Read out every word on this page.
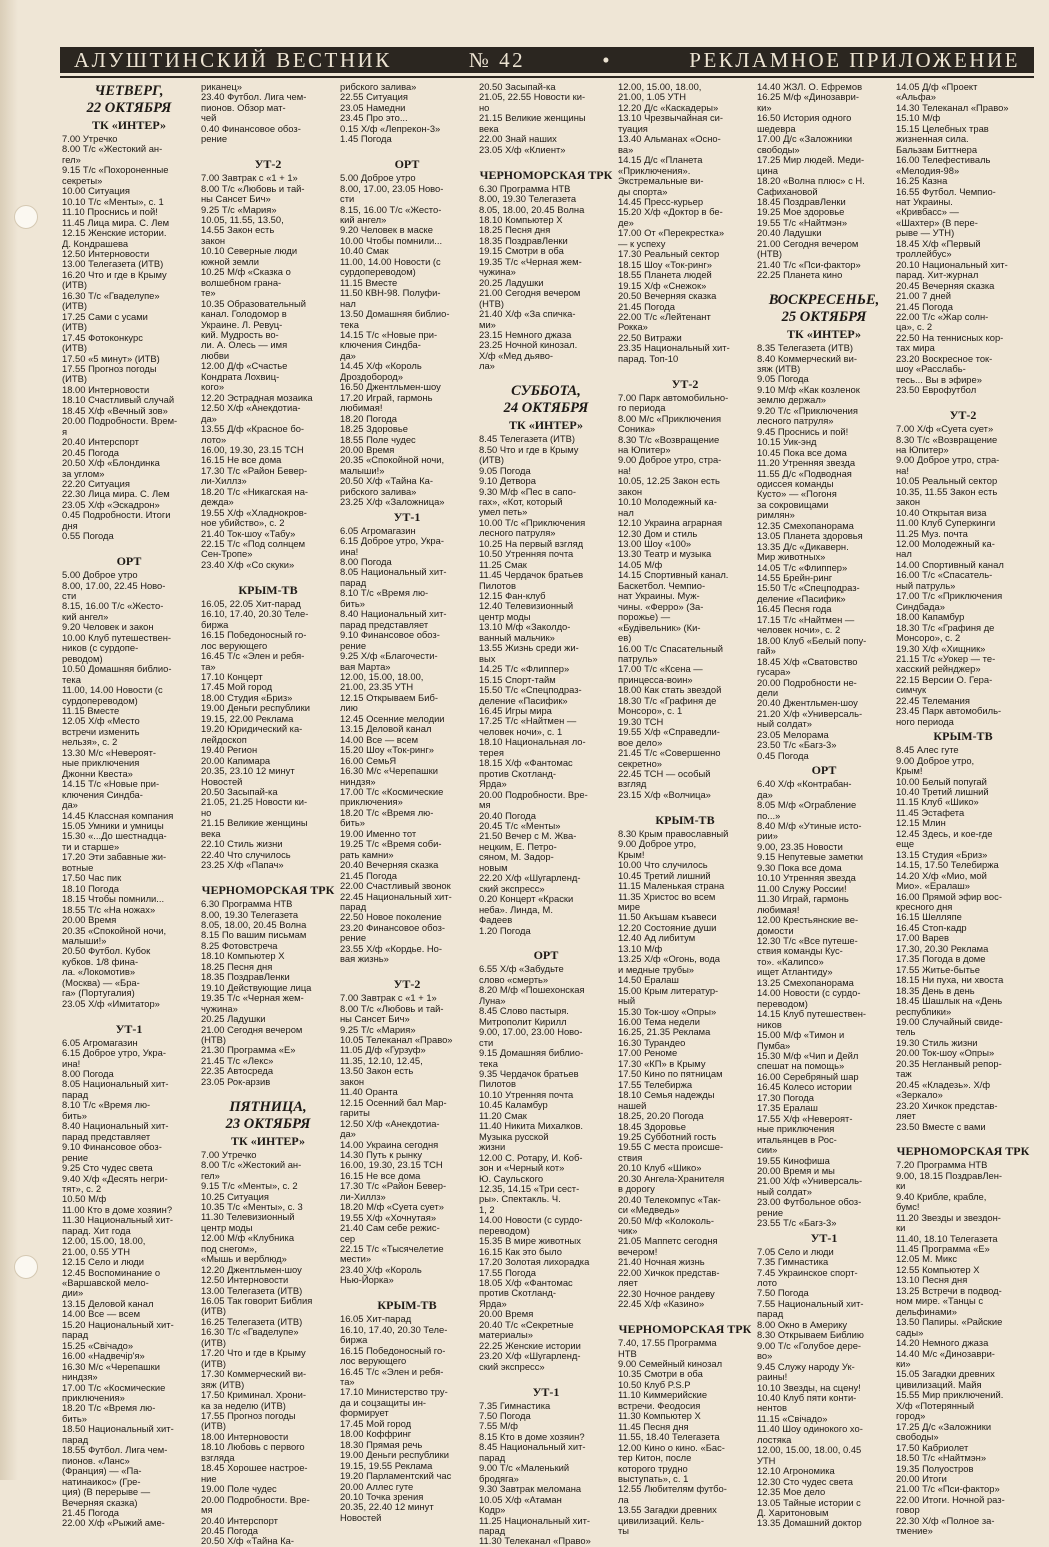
АЛУШТИНСКИЙ ВЕСТНИК	№ 42	•	РЕКЛАМНОЕ ПРИЛОЖЕНИЕ
ЧЕТВЕРГ,
22 ОКТЯБРЯ
ТК «ИНТЕР»
7.00 Утречко
8.00 Т/с «Жестокий ан-
гел»
9.15 Т/с «Похороненные
секреты»
10.00 Ситуация
10.10 Т/с «Менты», с. 1
11.10 Проснись и пой!
11.45 Лица мира. С. Лем
12.15 Женские истории.
Д. Кондрашева
12.50 Интерновости
13.00 Телегазета (ИТВ)
16.20 Что и где в Крыму
(ИТВ)
16.30 Т/с «Гваделупе»
(ИТВ)
17.25 Сами с усами
(ИТВ)
17.45 Фотоконкурс
(ИТВ)
17.50 «5 минут» (ИТВ)
17.55 Прогноз погоды
(ИТВ)
18.00 Интерновости
18.10 Счастливый случай
18.45 Х/ф «Вечный зов»
20.00 Подробности. Врем-
я
20.40 Интерспорт
20.45 Погода
20.50 Х/ф «Блондинка
за углом»
22.20 Ситуация
22.30 Лица мира. С. Лем
23.05 Х/ф «Эскадрон»
0.45 Подробности. Итоги
дня
0.55 Погода

ОРТ
5.00 Доброе утро
8.00, 17.00, 22.45 Ново-
сти
8.15, 16.00 Т/с «Жесто-
кий ангел»
9.20 Человек и закон
10.00 Клуб путешествен-
ников (с сурдопе-
реводом)
10.50 Домашняя библио-
тека
11.00, 14.00 Новости (с
сурдопереводом)
11.15 Вместе
12.05 Х/ф «Место
встречи изменить
нельзя», с. 2
13.30 М/с «Невероят-
ные приключения
Джонни Квеста»
14.15 Т/с «Новые при-
ключения Синдба-
да»
14.45 Классная компания
15.05 Умники и умницы
15.30 «...До шестнадца-
ти и старше»
17.20 Эти забавные жи-
вотные
17.50 Час пик
18.10 Погода
18.15 Чтобы помнили...
18.55 Т/с «На ножах»
20.00 Время
20.35 «Спокойной ночи,
малыши!»
20.50 Футбол. Кубок
кубков. 1/8 фина-
ла. «Локомотив»
(Москва) — «Бра-
га» (Португалия)
23.05 Х/ф «Имитатор»

УТ-1
6.05 Агромагазин
6.15 Доброе утро, Укра-
ина!
8.00 Погода
8.05 Национальный хит-
парад
8.10 Т/с «Время лю-
бить»
8.40 Национальный хит-
парад представляет
9.10 Финансовое обоз-
рение
9.25 Сто чудес света
9.40 Х/ф «Десять негри-
тят», с. 2
10.50 М/ф
11.00 Кто в доме хозяин?
11.30 Национальный хит-
парад. Хит года
12.00, 15.00, 18.00,
21.00, 0.55 УТН
12.15 Село и люди
12.45 Воспоминание о
«Варшавской мело-
дии»
13.15 Деловой канал
14.00 Все — всем
15.20 Национальный хит-
парад
15.25 «Свічадо»
16.00 «Надвечір'я»
16.30 М/с «Черепашки
ниндзя»
17.00 Т/с «Космические
приключения»
18.20 Т/с «Время лю-
бить»
18.50 Национальный хит-
парад
18.55 Футбол. Лига чем-
пионов. «Ланс»
(Франция) — «Па-
натинаикос» (Гре-
ция) (В перерыве —
Вечерняя сказка)
21.45 Погода
22.00 Х/ф «Рыжий аме-
риканец»
23.40 Футбол. Лига чем-
пионов. Обзор мат-
чей
0.40 Финансовое обоз-
рение

УТ-2
7.00 Завтрак с «1 + 1»
8.00 Т/с «Любовь и тай-
ны Сансет Бич»
9.25 Т/с «Мария»
10.05, 11.55, 13.50,
14.55 Закон есть
закон
10.10 Северные люди
южной земли
10.25 М/ф «Сказка о
волшебном грана-
те»
10.35 Образовательный
канал. Голодомор в
Украине. Л. Ревуц-
кий. Мудрость во-
ли. А. Олесь — имя
любви
12.00 Д/ф «Счастье
Кондрата Лохвиц-
кого»
12.20 Эстрадная мозаика
12.50 Х/ф «Анекдотиа-
да»
13.55 Д/ф «Красное бо-
лото»
16.00, 19.30, 23.15 ТСН
16.15 Не все дома
17.30 Т/с «Район Бевер-
ли-Хиллз»
18.20 Т/с «Никагская на-
дежда»
19.55 Х/ф «Хладнокров-
ное убийство», с. 2
21.40 Ток-шоу «Табу»
22.15 Т/с «Под солнцем
Сен-Тропе»
23.40 Х/ф «Со скуки»

КРЫМ-ТВ
16.05, 22.05 Хит-парад
16.10, 17.40, 20.30 Теле-
биржа
16.15 Победоносный го-
лос верующего
16.45 Т/с «Элен и ребя-
та»
17.10 Концерт
17.45 Мой город
18.00 Студия «Бриз»
19.00 Деньги республики
19.15, 22.00 Реклама
19.20 Юридический ка-
лейдоскоп
19.40 Регион
20.00 Капимара
20.35, 23.10 12 минут
Новостей
20.50 Засыпай-ка
21.05, 21.25 Новости ки-
но
21.15 Великие женщины
века
22.10 Стиль жизни
22.40 Что случилось
23.25 Х/ф «Папач»

ЧЕРНОМОРСКАЯ ТРК
6.30 Программа НТВ
8.00, 19.30 Телегазета
8.05, 18.00, 20.45 Волна
8.15 По вашим письмам
8.25 Фотовстреча
18.10 Компьютер Х
18.25 Песня дня
18.35 ПоздравЛенки
19.10 Действующие лица
19.35 Т/с «Черная жем-
чужина»
20.25 Ладушки
21.00 Сегодня вечером
(НТВ)
21.30 Программа «Е»
21.45 Т/с «Лекс»
22.35 Автосреда
23.05 Рок-арзив

ПЯТНИЦА,
23 ОКТЯБРЯ
ТК «ИНТЕР»
7.00 Утречко
8.00 Т/с «Жестокий ан-
гел»
9.15 Т/с «Менты», с. 2
10.25 Ситуация
10.35 Т/с «Менты», с. 3
11.30 Телевизионный
центр моды
12.00 М/ф «Клубника
под снегом»,
«Мышь и верблюд»
12.20 Джентльмен-шоу
12.50 Интерновости
13.00 Телегазета (ИТВ)
16.05 Так говорит Библия
(ИТВ)
16.25 Телегазета (ИТВ)
16.30 Т/с «Гваделупе»
(ИТВ)
17.20 Что и где в Крыму
(ИТВ)
17.30 Коммерческий ви-
зяж (ИТВ)
17.50 Криминал. Хрони-
ка за неделю (ИТВ)
17.55 Прогноз погоды
(ИТВ)
18.00 Интерновости
18.10 Любовь с первого
взгляда
18.45 Хорошее настрое-
ние
19.00 Поле чудес
20.00 Подробности. Вре-
мя
20.40 Интерспорт
20.45 Погода
20.50 Х/ф «Тайна Ка-
рибского залива»
22.55 Ситуация
23.05 Намедни
23.45 Про это...
0.15 Х/ф «Лепрекон-3»
1.45 Погода

ОРТ
5.00 Доброе утро
8.00, 17.00, 23.05 Ново-
сти
8.15, 16.00 Т/с «Жесто-
кий ангел»
9.20 Человек в маске
10.00 Чтобы помнили...
10.40 Смак
11.00, 14.00 Новости (с
сурдопереводом)
11.15 Вместе
11.50 КВН-98. Полуфи-
нал
13.50 Домашняя библио-
тека
14.15 Т/с «Новые при-
ключения Синдба-
да»
14.45 Х/ф «Король
Дроздобород»
16.50 Джентльмен-шоу
17.20 Играй, гармонь
любимая!
18.20 Погода
18.25 Здоровье
18.55 Поле чудес
20.00 Время
20.35 «Спокойной ночи,
малыши!»
20.50 Х/ф «Тайна Ка-
рибского залива»
23.25 Х/ф «Заложница»
УТ-1
6.05 Агромагазин
6.15 Доброе утро, Укра-
ина!
8.00 Погода
8.05 Национальный хит-
парад
8.10 Т/с «Время лю-
бить»
8.40 Национальный хит-
парад представляет
9.10 Финансовое обоз-
рение
9.25 Х/ф «Благочести-
вая Марта»
12.00, 15.00, 18.00,
21.00, 23.35 УТН
12.15 Открываем Биб-
лию
12.45 Осенние мелодии
13.15 Деловой канал
14.00 Все — всем
15.20 Шоу «Ток-ринг»
16.00 СемьЯ
16.30 М/с «Черепашки
ниндзя»
17.00 Т/с «Космические
приключения»
18.20 Т/с «Время лю-
бить»
19.00 Именно тот
19.25 Т/с «Время соби-
рать камни»
20.40 Вечерняя сказка
21.45 Погода
22.00 Счастливый звонок
22.45 Национальный хит-
парад
22.50 Новое поколение
23.20 Финансовое обоз-
рение
23.55 Х/ф «Кордье. Но-
вая жизнь»

УТ-2
7.00 Завтрак с «1 + 1»
8.00 Т/с «Любовь и тай-
ны Сансет Бич»
9.25 Т/с «Мария»
10.05 Телеканал «Право»
11.05 Д/ф «Гурзуф»
11.35, 12.10, 12.45,
13.50 Закон есть
закон
11.40 Оранта
12.15 Осенний бал Мар-
гариты
12.50 Х/ф «Анекдотиа-
да»
14.00 Украина сегодня
14.30 Путь к рынку
16.00, 19.30, 23.15 ТСН
16.15 Не все дома
17.30 Т/с «Район Бевер-
ли-Хиллз»
18.20 М/ф «Суета сует»
19.55 Х/ф «Хочнутая»
21.40 Сам себе режис-
сер
22.15 Т/с «Тысячелетие
мести»
23.40 Х/ф «Король
Нью-Йорка»

КРЫМ-ТВ
16.05 Хит-парад
16.10, 17.40, 20.30 Теле-
биржа
16.15 Победоносный го-
лос верующего
16.45 Т/с «Элен и ребя-
та»
17.10 Министерство тру-
да и соцзащиты ин-
формирует
17.45 Мой город
18.00 Коффринг
18.30 Прямая речь
19.00 Деньги республики
19.15, 19.55 Реклама
19.20 Парламентский час
20.00 Аллес гуте
20.10 Точка зрения
20.35, 22.40 12 минут
Новостей
20.50 Засыпай-ка
21.05, 22.55 Новости ки-
но
21.15 Великие женщины
века
22.00 Знай наших
23.05 Х/ф «Клиент»

ЧЕРНОМОРСКАЯ ТРК
6.30 Программа НТВ
8.00, 19.30 Телегазета
8.05, 18.00, 20.45 Волна
18.10 Компьютер Х
18.25 Песня дня
18.35 ПоздравЛенки
19.15 Смотри в оба
19.35 Т/с «Черная жем-
чужина»
20.25 Ладушки
21.00 Сегодня вечером
(НТВ)
21.40 Х/ф «За спичка-
ми»
23.15 Немного джаза
23.25 Ночной кинозал.
Х/ф «Мед дьяво-
ла»

СУББОТА,
24 ОКТЯБРЯ
ТК «ИНТЕР»
8.45 Телегазета (ИТВ)
8.50 Что и где в Крыму
(ИТВ)
9.05 Погода
9.10 Детвора
9.30 М/ф «Пес в сапо-
гах», «Кот, который
умел петь»
10.00 Т/с «Приключения
лесного патруля»
10.25 На первый взгляд
10.50 Утренняя почта
11.25 Смак
11.45 Чердачок братьев
Пилотов
12.15 Фан-клуб
12.40 Телевизионный
центр моды
13.10 М/ф «Заколдо-
ванный мальчик»
13.55 Жизнь среди жи-
вых
14.25 Т/с «Флиппер»
15.15 Спорт-тайм
15.50 Т/с «Спецподраз-
деление «Пасифик»
16.45 Игры мира
17.25 Т/с «Найтмен —
человек ночи», с. 1
18.10 Национальная ло-
терея
18.15 Х/ф «Фантомас
против Скотланд-
Ярда»
20.00 Подробности. Вре-
мя
20.40 Погода
20.45 Т/с «Менты»
21.50 Вечер с М. Жва-
нецким, Е. Петро-
сяном, М. Задор-
новым
22.20 Х/ф «Шугарленд-
ский экспресс»
0.20 Концерт «Краски
неба». Линда, М.
Фадеев
1.20 Погода

ОРТ
6.55 Х/ф «Забудьте
слово «смерть»
8.20 М/ф «Пошехонская
Луна»
8.45 Слово пастыря.
Митрополит Кирилл
9.00, 17.00, 23.00 Ново-
сти
9.15 Домашняя библио-
тека
9.35 Чердачок братьев
Пилотов
10.10 Утренняя почта
10.45 Каламбур
11.20 Смак
11.40 Никита Михалков.
Музыка русской
жизни
12.00 С. Ротару, И. Коб-
зон и «Черный кот»
Ю. Саульского
12.35, 14.15 «Три сест-
ры». Спектакль. Ч.
1, 2
14.00 Новости (с сурдо-
переводом)
15.35 В мире животных
16.15 Как это было
17.20 Золотая лихорадка
17.55 Погода
18.05 Х/ф «Фантомас
против Скотланд-
Ярда»
20.00 Время
20.40 Т/с «Секретные
материалы»
22.25 Женские истории
23.20 Х/ф «Шугарленд-
ский экспресс»

УТ-1
7.35 Гимнастика
7.50 Погода
7.55 М/ф
8.15 Кто в доме хозяин?
8.45 Национальный хит-
парад
9.00 Т/с «Маленький
бродяга»
9.30 Завтрак меломана
10.05 Х/ф «Атаман
Кодр»
11.25 Национальный хит-
парад
11.30 Телеканал «Право»
12.00, 15.00, 18.00,
21.00, 1.05 УТН
12.20 Д/с «Каскадеры»
13.10 Чрезвычайная си-
туация
13.40 Альманах «Осно-
ва»
14.15 Д/с «Планета
«Приключения».
Экстремальные ви-
ды спорта»
14.45 Пресс-курьер
15.20 Х/ф «Доктор в бе-
де»
17.00 От «Перекрестка»
— к успеху
17.30 Реальный сектор
18.15 Шоу «Ток-ринг»
18.55 Планета людей
19.15 Х/ф «Снежок»
20.50 Вечерняя сказка
21.45 Погода
22.00 Т/с «Лейтенант
Рокка»
22.50 Витражи
23.35 Национальный хит-
парад. Топ-10

УТ-2
7.00 Парк автомобильно-
го периода
8.00 М/с «Приключения
Соника»
8.30 Т/с «Возвращение
на Юпитер»
9.00 Доброе утро, стра-
на!
10.05, 12.25 Закон есть
закон
10.10 Молодежный ка-
нал
12.10 Украина аграрная
12.30 Дом и стиль
13.00 Шоу «100»
13.30 Театр и музыка
14.05 М/ф
14.15 Спортивный канал.
Баскетбол. Чемпио-
нат Украины. Муж-
чины. «Ферро» (За-
порожье) —
«Будівельник» (Ки-
ев)
16.00 Т/с Спасательный
патруль»
17.00 Т/с «Ксена —
принцесса-воин»
18.00 Как стать звездой
18.30 Т/с «Графиня де
Монсоро», с. 1
19.30 ТСН
19.55 Х/ф «Справедли-
вое дело»
21.45 Т/с «Совершенно
секретно»
22.45 ТСН — особый
взгляд
23.15 Х/ф «Волчица»

КРЫМ-ТВ
8.30 Крым православный
9.00 Доброе утро,
Крым!
10.00 Что случилось
10.45 Третий лишний
11.15 Маленькая страна
11.35 Христос во всем
мире
11.50 Акъшам къавеси
12.20 Состояние души
12.40 Ад либитум
13.10 М/ф
13.25 Х/ф «Огонь, вода
и медные трубы»
14.50 Ералаш
15.00 Крым литератур-
ный
15.30 Ток-шоу «Опры»
16.00 Тема недели
16.25, 21.35 Реклама
16.30 Турандео
17.00 Реноме
17.30 «КП» в Крыму
17.50 Кино по пятницам
17.55 Телебиржа
18.10 Семья надежды
нашей
18.25, 20.20 Погода
18.45 Здоровье
19.25 Субботний гость
19.55 С места происше-
ствия
20.10 Клуб «Шико»
20.30 Ангела-Хранителя
в дорогу
20.40 Телекомпус «Так-
си «Медведь»
20.50 М/ф «Колоколь-
чик»
21.05 Маппетс сегодня
вечером!
21.40 Ночная жизнь
22.00 Хичкок представ-
ляет
22.30 Ночное рандеву
22.45 Х/ф «Казино»

ЧЕРНОМОРСКАЯ ТРК
7.40, 17.55 Программа
НТВ
9.00 Семейный кинозал
10.35 Смотри в оба
10.50 Клуб P.S.P
11.10 Киммерийские
встречи. Феодосия
11.30 Компьютер Х
11.45 Песня дня
11.55, 18.40 Телегазета
12.00 Кино о кино. «Бас-
тер Китон, после
которого трудно
выступать», с. 1
12.55 Любителям футбо-
ла
13.55 Загадки древних
цивилизаций. Кель-
ты
14.40 ЖЗЛ. О. Ефремов
16.25 М/ф «Динозаври-
ки»
16.50 История одного
шедевра
17.00 Д/с «Заложники
свободы»
17.25 Мир людей. Меди-
цина
18.20 «Волна плюс» с Н.
Сафихановой
18.45 ПоздравЛенки
19.25 Мое здоровье
19.55 Т/с «Найтмэн»
20.40 Ладушки
21.00 Сегодня вечером
(НТВ)
21.40 Т/с «Пси-фактор»
22.25 Планета кино

ВОСКРЕСЕНЬЕ,
25 ОКТЯБРЯ
ТК «ИНТЕР»
8.35 Телегазета (ИТВ)
8.40 Коммерческий ви-
зяж (ИТВ)
9.05 Погода
9.10 М/ф «Как козленок
землю держал»
9.20 Т/с «Приключения
лесного патруля»
9.45 Проснись и пой!
10.15 Уик-энд
10.45 Пока все дома
11.20 Утренняя звезда
11.55 Д/с «Подводная
одиссея команды
Кусто» — «Погоня
за сокровищами
римлян»
12.35 Смехопанорама
13.05 Планета здоровья
13.35 Д/с «Дикаверн.
Мир животных»
14.05 Т/с «Флиппер»
14.55 Брейн-ринг
15.50 Т/с «Спецподраз-
деление «Пасифик»
16.45 Песня года
17.15 Т/с «Найтмен —
человек ночи», с. 2
18.00 Клуб «Белый попу-
гай»
18.45 Х/ф «Сватовство
гусара»
20.00 Подробности не-
дели
20.40 Джентльмен-шоу
21.20 Х/ф «Универсаль-
ный солдат»
23.05 Мелорама
23.50 Т/с «Багз-3»
0.45 Погода
ОРТ
6.40 Х/ф «Контрабан-
да»
8.05 М/ф «Ограбление
по...»
8.40 М/ф «Утиные исто-
рии»
9.00, 23.35 Новости
9.15 Непутевые заметки
9.30 Пока все дома
10.10 Утренняя звезда
11.00 Служу России!
11.30 Играй, гармонь
любимая!
12.00 Крестьянские ве-
домости
12.30 Т/с «Все путеше-
ствия команды Кус-
то». «Калипсо»
ищет Атлантиду»
13.25 Смехопанорама
14.00 Новости (с сурдо-
переводом)
14.15 Клуб путешествен-
ников
15.00 М/ф «Тимон и
Пумба»
15.30 М/ф «Чип и Дейл
спешат на помощь»
16.00 Серебряный шар
16.45 Колесо истории
17.30 Погода
17.35 Ералаш
17.55 Х/ф «Невероят-
ные приключения
итальянцев в Рос-
сии»
19.55 Кинофиша
20.00 Время и мы
21.00 Х/ф «Универсаль-
ный солдат»
23.00 Футбольное обоз-
рение
23.55 Т/с «Багз-3»
УТ-1
7.05 Село и люди
7.35 Гимнастика
7.45 Украинское спорт-
лото
7.50 Погода
7.55 Национальный хит-
парад
8.00 Окно в Америку
8.30 Открываем Библию
9.00 Т/с «Голубое дере-
во»
9.45 Служу народу Ук-
раины!
10.10 Звезды, на сцену!
10.40 Клуб пяти конти-
нентов
11.15 «Свічадо»
11.40 Шоу одинокого хо-
лостяка
12.00, 15.00, 18.00, 0.45
УТН
12.10 Агрономика
12.30 Сто чудес света
12.35 Мое дело
13.05 Тайные истории с
Д. Харитоновым
13.35 Домашний доктор
14.05 Д/ф «Проект
«Альфа»
14.30 Телеканал «Право»
15.10 М/ф
15.15 Целебных трав
жизненная сила.
Бальзам Биттнера
16.00 Телефестиваль
«Мелодия-98»
16.25 Казна
16.55 Футбол. Чемпио-
нат Украины.
«Кривбасс» —
«Шахтер» (В пере-
рыве — УТН)
18.45 Х/ф «Первый
троллейбус»
20.10 Национальный хит-
парад. Хит-журнал
20.45 Вечерняя сказка
21.00 7 дней
21.45 Погода
22.00 Т/с «Жар солн-
ца», с. 2
22.50 На теннисных кор-
тах мира
23.20 Воскресное ток-
шоу «Расслабь-
тесь... Вы в эфире»
23.50 Еврофутбол

УТ-2
7.00 Х/ф «Суета сует»
8.30 Т/с «Возвращение
на Юпитер»
9.00 Доброе утро, стра-
на!
10.05 Реальный сектор
10.35, 11.55 Закон есть
закон
10.40 Открытая виза
11.00 Клуб Суперкинги
11.25 Муз. почта
12.00 Молодежный ка-
нал
14.00 Спортивный канал
16.00 Т/с «Спасатель-
ный патруль»
17.00 Т/с «Приключения
Синдбада»
18.00 Капамбур
18.30 Т/с «Графиня де
Монсоро», с. 2
19.30 Х/ф «Хищник»
21.15 Т/с «Уокер — те-
хасский рейнджер»
22.15 Версии О. Гера-
симчук
22.45 Телемания
23.45 Парк автомобиль-
ного периода
КРЫМ-ТВ
8.45 Алес гуте
9.00 Доброе утро,
Крым!
10.00 Белый попугай
10.40 Третий лишний
11.15 Клуб «Шико»
11.45 Эстафета
12.15 Млин
12.45 Здесь, и кое-где
еще
13.15 Студия «Бриз»
14.15, 17.50 Телебиржа
14.20 Х/ф «Мио, мой
Мио». «Ералаш»
16.00 Прямой эфир вос-
кресного дня
16.15 Шелляпе
16.45 Стоп-кадр
17.00 Варев
17.30, 20.30 Реклама
17.35 Погода в доме
17.55 Житье-бытье
18.15 Ни пуха, ни хвоста
18.35 День в день
18.45 Шашлык на «День
республики»
19.00 Случайный свиде-
тель
19.30 Стиль жизни
20.00 Ток-шоу «Опры»
20.35 Негланвый репор-
таж
20.45 «Кладезь». Х/ф
«Зеркало»
23.20 Хичкок представ-
ляет
23.50 Вместе с вами

ЧЕРНОМОРСКАЯ ТРК
7.20 Программа НТВ
9.00, 18.15 ПоздравЛен-
ки
9.40 Крибле, крабле,
бумс!
11.20 Звезды и звездон-
ки
11.40, 18.10 Телегазета
11.45 Программа «Е»
12.05 М. Микс
12.55 Компьютер Х
13.10 Песня дня
13.25 Встречи в подвод-
ном мире. «Танцы с
дельфинами»
13.50 Папиры. «Райские
сады»
14.20 Немного джаза
14.40 М/с «Динозаври-
ки»
15.05 Загадки древних
цивилизаций. Майя
15.55 Мир приключений.
Х/ф «Потерянный
город»
17.25 Д/с «Заложники
свободы»
17.50 Кабриолет
18.50 Т/с «Найтмэн»
19.35 Полуостров
20.00 Итоги
21.00 Т/с «Пси-фактор»
22.00 Итоги. Ночной раз-
говор
22.30 Х/ф «Полное за-
тмение»
